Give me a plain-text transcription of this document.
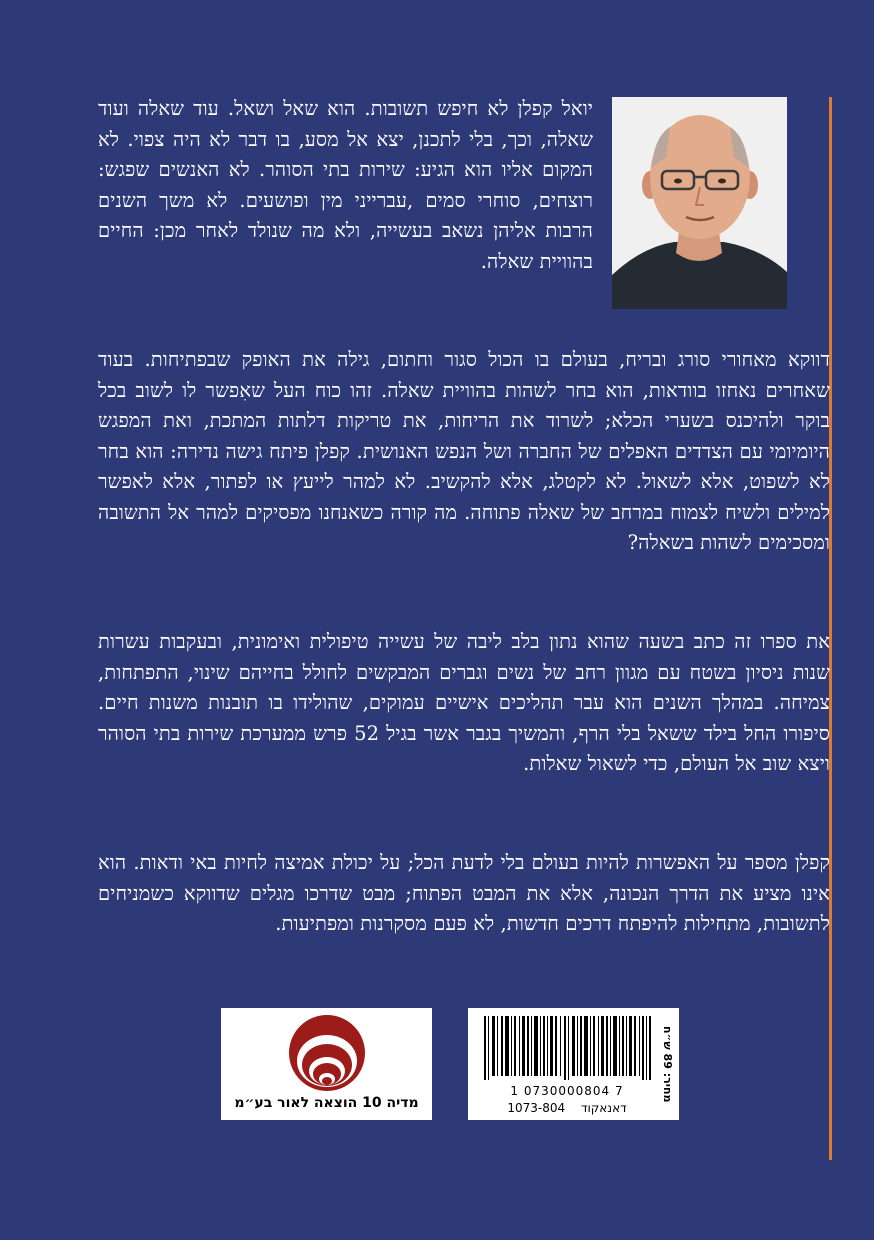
יואל קפלן לא חיפש תשובות. הוא שאל ושאל. עוד שאלה ועוד שאלה, וכך, בלי לתכנן, יצא אל מסע, בו דבר לא היה צפוי. לא המקום אליו הוא הגיע: שירות בתי הסוהר. לא האנשים שפגש: רוצחים, סוחרי סמים ,עברייני מין ופושעים. לא משך השנים הרבות אליהן נשאב בעשייה, ולא מה שנולד לאחר מכן: החיים בהוויית שאלה.

דווקא מאחורי סורג ובריח, בעולם בו הכול סגור וחתום, גילה את האופק שבפתיחות. בעוד שאחרים נאחזו בוודאות, הוא בחר לשהות בהוויית שאלה. זהו כוח העל שאִפשר לו לשוב בכל בוקר ולהיכנס בשערי הכלא; לשרוד את הריחות, את טריקות דלתות המתכת, ואת המפגש היומיומי עם הצדדים האפלים של החברה ושל הנפש האנושית. קפלן פיתח גישה נדירה: הוא בחר לא לשפוט, אלא לשאול. לא לקטלג, אלא להקשיב. לא למהר לייעץ או לפתור, אלא לאפשר למילים ולשיח לצמוח במרחב של שאלה פתוחה. מה קורה כשאנחנו מפסיקים למהר אל התשובה ומסכימים לשהות בשאלה?

את ספרו זה כתב בשעה שהוא נתון בלב ליבה של עשייה טיפולית ואימונית, ובעקבות עשרות שנות ניסיון בשטח עם מגוון רחב של נשים וגברים המבקשים לחולל בחייהם שינוי, התפתחות, צמיחה. במהלך השנים הוא עבר תהליכים אישיים עמוקים, שהולידו בו תובנות משנות חיים. סיפורו החל בילד ששאל בלי הרף, והמשיך בגבר אשר בגיל 52 פרש ממערכת שירות בתי הסוהר ויצא שוב אל העולם, כדי לשאול שאלות.

קפלן מספר על האפשרות להיות בעולם בלי לדעת הכל; על יכולת אמיצה לחיות באי ודאות. הוא אינו מציע את הדרך הנכונה, אלא את המבט הפתוח; מבט שדרכו מגלים שדווקא כשמניחים לתשובות, מתחילות להיפתח דרכים חדשות, לא פעם מסקרנות ומפתיעות.

מחיר: 89 ש״ח
1 0730000804 7
1073-804 דאנאקוד
מדיה 10 הוצאה לאור בע״מ
